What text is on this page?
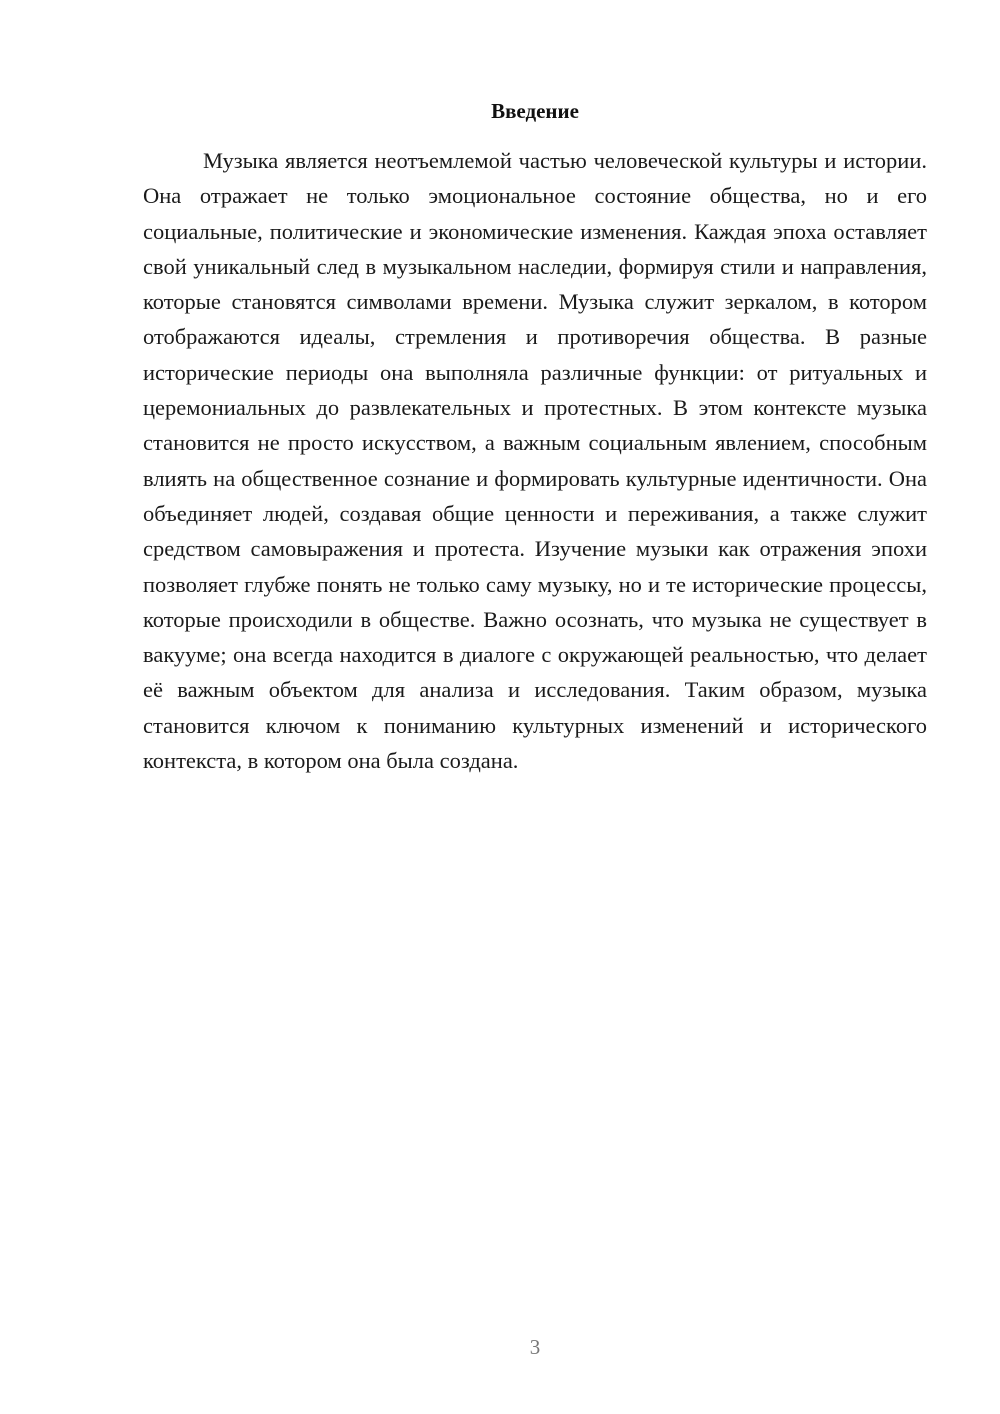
Введение

Музыка является неотъемлемой частью человеческой культуры и истории. Она отражает не только эмоциональное состояние общества, но и его социальные, политические и экономические изменения. Каждая эпоха оставляет свой уникальный след в музыкальном наследии, формируя стили и направления, которые становятся символами времени. Музыка служит зеркалом, в котором отображаются идеалы, стремления и противоречия общества. В разные исторические периоды она выполняла различные функции: от ритуальных и церемониальных до развлекательных и протестных. В этом контексте музыка становится не просто искусством, а важным социальным явлением, способным влиять на общественное сознание и формировать культурные идентичности. Она объединяет людей, создавая общие ценности и переживания, а также служит средством самовыражения и протеста. Изучение музыки как отражения эпохи позволяет глубже понять не только саму музыку, но и те исторические процессы, которые происходили в обществе. Важно осознать, что музыка не существует в вакууме; она всегда находится в диалоге с окружающей реальностью, что делает её важным объектом для анализа и исследования. Таким образом, музыка становится ключом к пониманию культурных изменений и исторического контекста, в котором она была создана.

3
